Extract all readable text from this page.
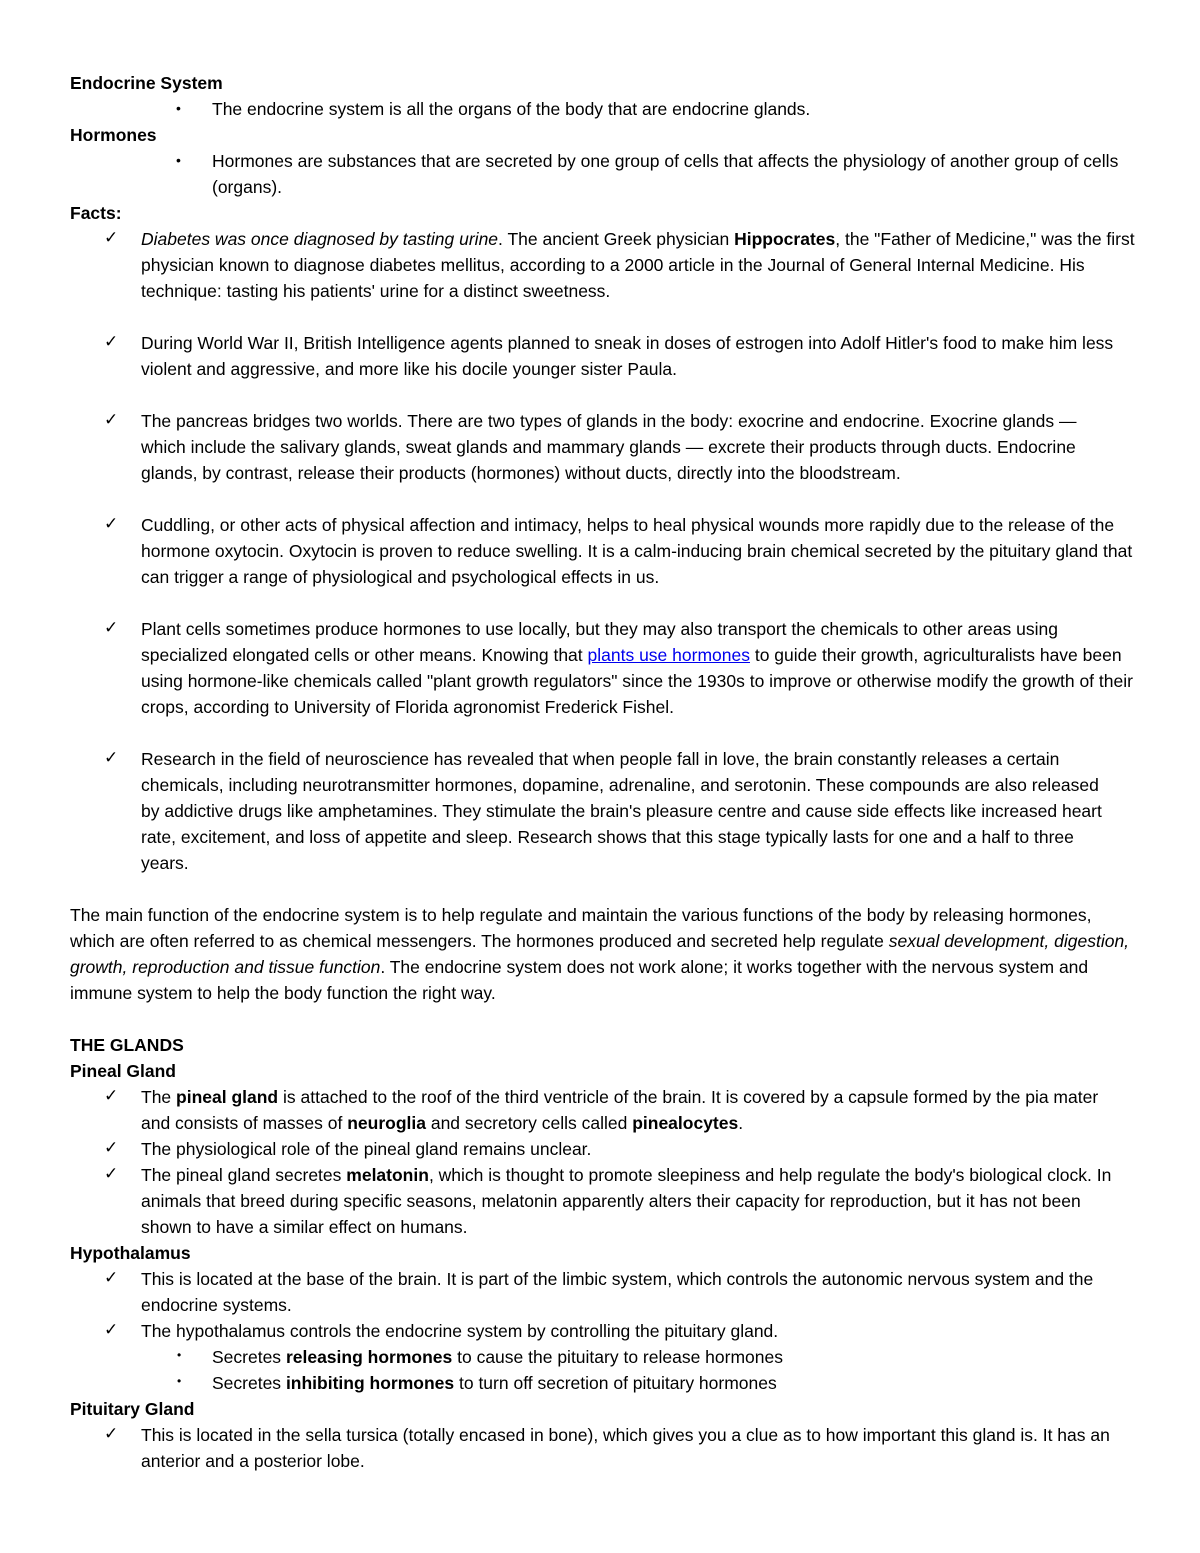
Endocrine System
• The endocrine system is all the organs of the body that are endocrine glands.
Hormones
• Hormones are substances that are secreted by one group of cells that affects the physiology of another group of cells (organs).
Facts:
✓ Diabetes was once diagnosed by tasting urine. The ancient Greek physician Hippocrates, the "Father of Medicine," was the first physician known to diagnose diabetes mellitus, according to a 2000 article in the Journal of General Internal Medicine. His technique: tasting his patients' urine for a distinct sweetness.
✓ During World War II, British Intelligence agents planned to sneak in doses of estrogen into Adolf Hitler's food to make him less violent and aggressive, and more like his docile younger sister Paula.
✓ The pancreas bridges two worlds. There are two types of glands in the body: exocrine and endocrine. Exocrine glands — which include the salivary glands, sweat glands and mammary glands — excrete their products through ducts. Endocrine glands, by contrast, release their products (hormones) without ducts, directly into the bloodstream.
✓ Cuddling, or other acts of physical affection and intimacy, helps to heal physical wounds more rapidly due to the release of the hormone oxytocin. Oxytocin is proven to reduce swelling. It is a calm-inducing brain chemical secreted by the pituitary gland that can trigger a range of physiological and psychological effects in us.
✓ Plant cells sometimes produce hormones to use locally, but they may also transport the chemicals to other areas using specialized elongated cells or other means. Knowing that plants use hormones to guide their growth, agriculturalists have been using hormone-like chemicals called "plant growth regulators" since the 1930s to improve or otherwise modify the growth of their crops, according to University of Florida agronomist Frederick Fishel.
✓ Research in the field of neuroscience has revealed that when people fall in love, the brain constantly releases a certain chemicals, including neurotransmitter hormones, dopamine, adrenaline, and serotonin. These compounds are also released by addictive drugs like amphetamines. They stimulate the brain's pleasure centre and cause side effects like increased heart rate, excitement, and loss of appetite and sleep. Research shows that this stage typically lasts for one and a half to three years.
The main function of the endocrine system is to help regulate and maintain the various functions of the body by releasing hormones, which are often referred to as chemical messengers. The hormones produced and secreted help regulate sexual development, digestion, growth, reproduction and tissue function. The endocrine system does not work alone; it works together with the nervous system and immune system to help the body function the right way.
THE GLANDS
Pineal Gland
✓ The pineal gland is attached to the roof of the third ventricle of the brain. It is covered by a capsule formed by the pia mater and consists of masses of neuroglia and secretory cells called pinealocytes.
✓ The physiological role of the pineal gland remains unclear.
✓ The pineal gland secretes melatonin, which is thought to promote sleepiness and help regulate the body's biological clock. In animals that breed during specific seasons, melatonin apparently alters their capacity for reproduction, but it has not been shown to have a similar effect on humans.
Hypothalamus
✓ This is located at the base of the brain. It is part of the limbic system, which controls the autonomic nervous system and the endocrine systems.
✓ The hypothalamus controls the endocrine system by controlling the pituitary gland.
• Secretes releasing hormones to cause the pituitary to release hormones
• Secretes inhibiting hormones to turn off secretion of pituitary hormones
Pituitary Gland
✓ This is located in the sella tursica (totally encased in bone), which gives you a clue as to how important this gland is. It has an anterior and a posterior lobe.
